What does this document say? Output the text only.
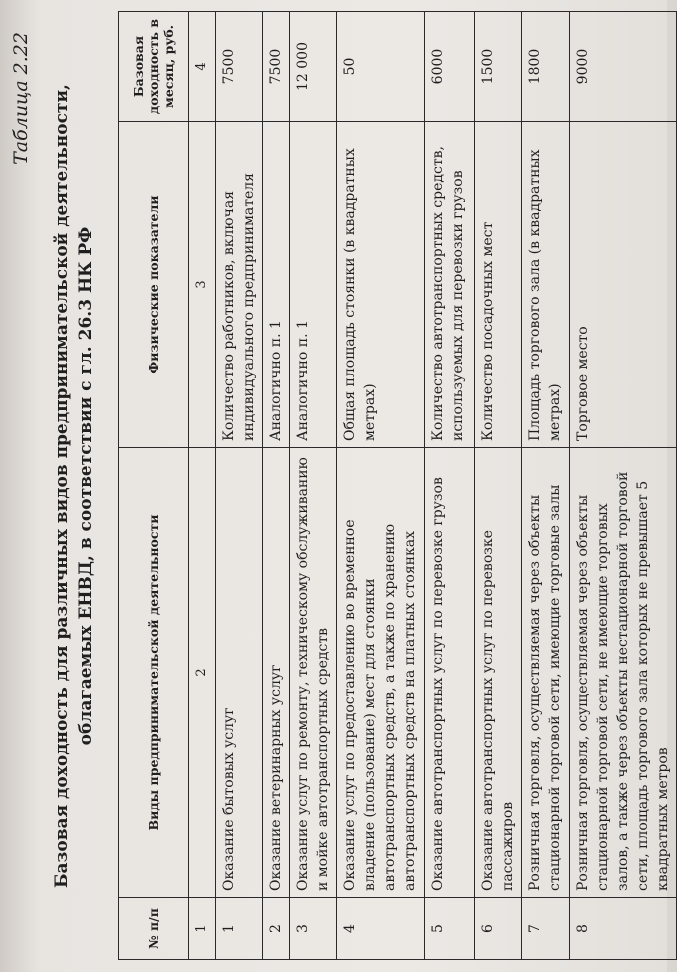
Таблица 2.22 Базовая доходность для различных видов предпринимательской деятельности, облагаемых ЕНВД, в соответствии с гл. 26.3 НК РФ
№ п/п	Виды предпринимательской деятельности	Физические показатели	Базовая доходность в месяц, руб.
1	2	3	4
1	Оказание бытовых услуг	Количество работников, включая индивидуального предпринимателя	7500
2	Оказание ветеринарных услуг	Аналогично п. 1	7500
3	Оказание услуг по ремонту, техническому обслуживанию и мойке автотранспортных средств	Аналогично п. 1	12 000
4	Оказание услуг по предоставлению во временное владение (пользование) мест для стоянки автотранспортных средств, а также по хранению автотранспортных средств на платных стоянках	Общая площадь стоянки (в квадратных метрах)	50
5	Оказание автотранспортных услуг по перевозке грузов	Количество автотранспортных средств, используемых для перевозки грузов	6000
6	Оказание автотранспортных услуг по перевозке пассажиров	Количество посадочных мест	1500
7	Розничная торговля, осуществляемая через объекты стационарной торговой сети, имеющие торговые залы	Площадь торгового зала (в квадратных метрах)	1800
8	Розничная торговля, осуществляемая через объекты стационарной торговой сети, не имеющие торговых залов, а также через объекты нестационарной торговой сети, площадь торгового зала которых не превышает 5 квадратных метров	Торговое место	9000
